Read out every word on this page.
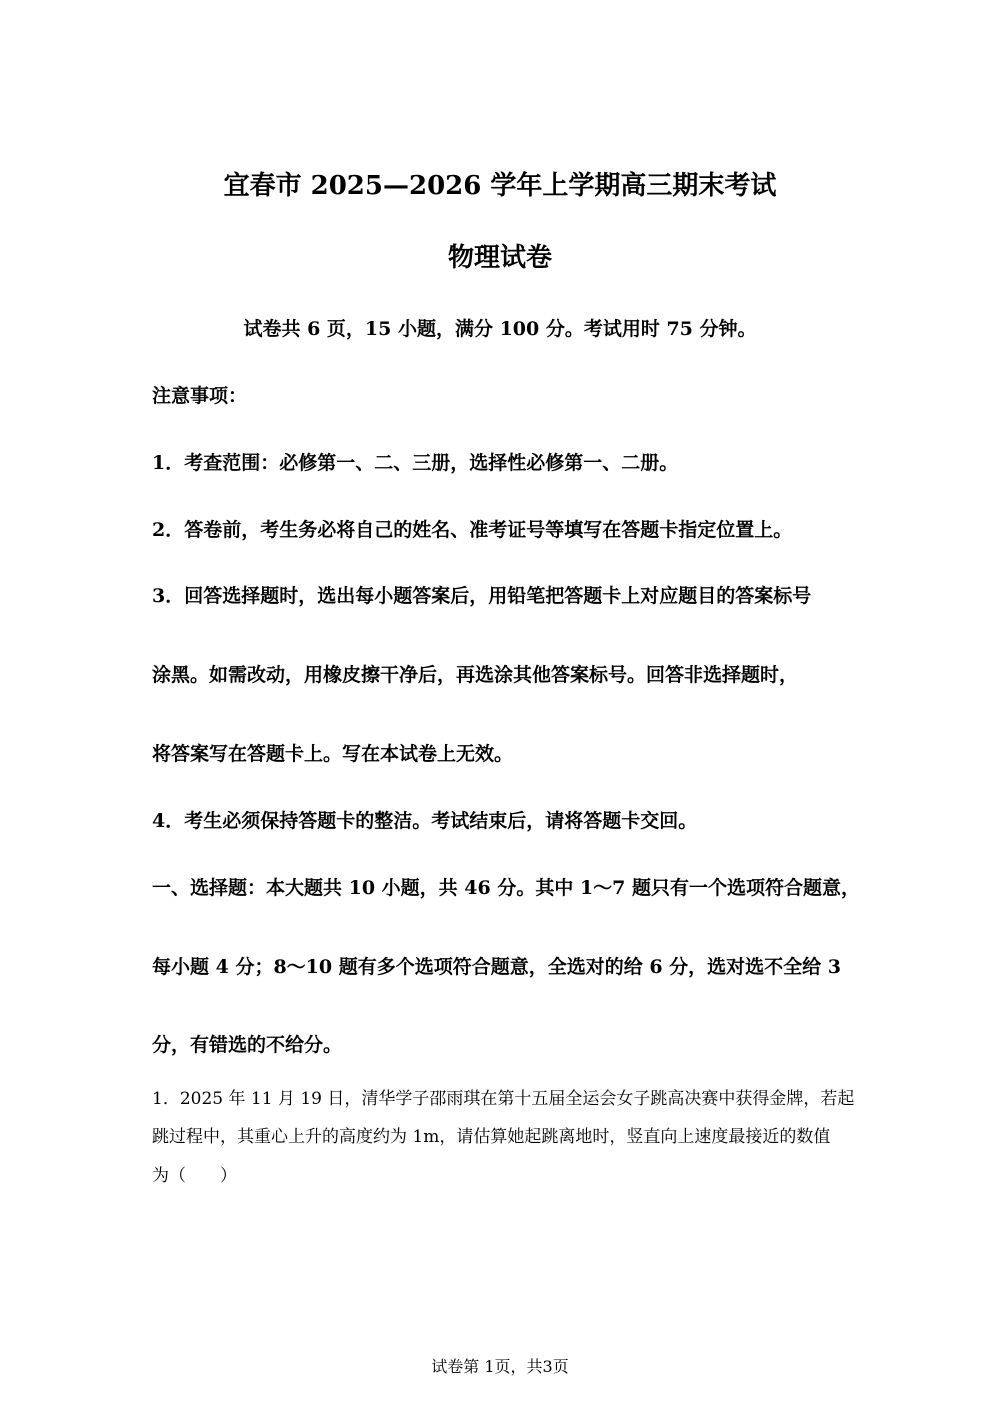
宜春市 2025—2026 学年上学期高三期末考试
物理试卷
试卷共 6 页，15 小题，满分 100 分。考试用时 75 分钟。
注意事项：
1．考查范围：必修第一、二、三册，选择性必修第一、二册。
2．答卷前，考生务必将自己的姓名、准考证号等填写在答题卡指定位置上。
3．回答选择题时，选出每小题答案后，用铅笔把答题卡上对应题目的答案标号
涂黑。如需改动，用橡皮擦干净后，再选涂其他答案标号。回答非选择题时，
将答案写在答题卡上。写在本试卷上无效。
4．考生必须保持答题卡的整洁。考试结束后，请将答题卡交回。
一、选择题：本大题共 10 小题，共 46 分。其中 1～7 题只有一个选项符合题意，
每小题 4 分；8～10 题有多个选项符合题意，全选对的给 6 分，选对选不全给 3
分，有错选的不给分。
1．2025 年 11 月 19 日，清华学子邵雨琪在第十五届全运会女子跳高决赛中获得金牌，若起
跳过程中，其重心上升的高度约为 1m，请估算她起跳离地时，竖直向上速度最接近的数值
为（　　）
试卷第 1页，共3页
